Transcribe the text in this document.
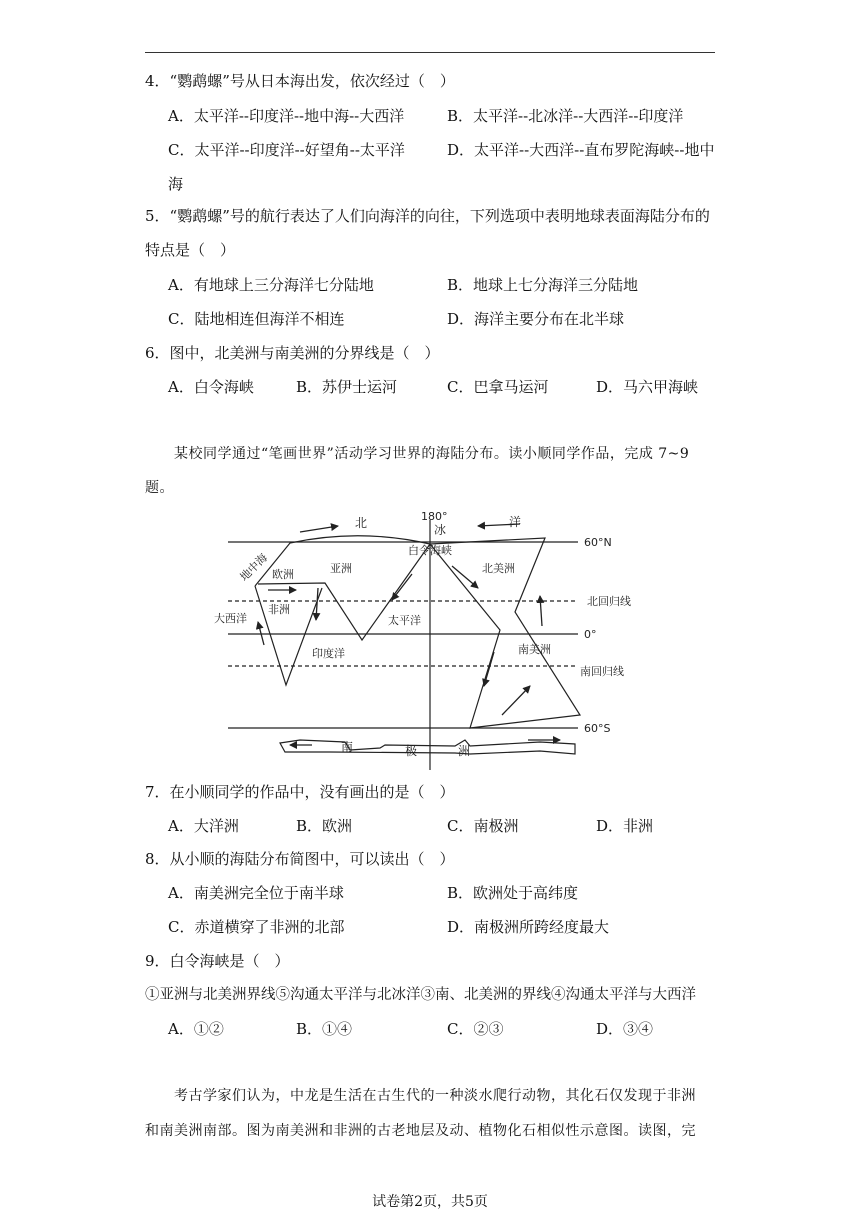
4．“鹦鹉螺”号从日本海出发，依次经过（　）
A．太平洋--印度洋--地中海--大西洋	B．太平洋--北冰洋--大西洋--印度洋
C．太平洋--印度洋--好望角--太平洋	D．太平洋--大西洋--直布罗陀海峡--地中
海
5．“鹦鹉螺”号的航行表达了人们向海洋的向往，下列选项中表明地球表面海陆分布的
特点是（　）
A．有地球上三分海洋七分陆地	B．地球上七分海洋三分陆地
C．陆地相连但海洋不相连	D．海洋主要分布在北半球
6．图中，北美洲与南美洲的分界线是（　）
A．白令海峡	B．苏伊士运河	C．巴拿马运河	D．马六甲海峡
某校同学通过“笔画世界”活动学习世界的海陆分布。读小顺同学作品，完成 7~9
题。
180°
北	冰
洋
60°N
白令海峡
地中海 欧洲	亚洲	北美洲
非洲
大西洋	太平洋
北回归线
0°
印度洋	南美洲
南回归线
60°S
南	极	洲
7．在小顺同学的作品中，没有画出的是（　）
A．大洋洲	B．欧洲	C．南极洲	D．非洲
8．从小顺的海陆分布简图中，可以读出（　）
A．南美洲完全位于南半球	B．欧洲处于高纬度
C．赤道横穿了非洲的北部	D．南极洲所跨经度最大
9．白令海峡是（　）
①亚洲与北美洲界线⑤沟通太平洋与北冰洋③南、北美洲的界线④沟通太平洋与大西洋
A．①②	B．①④	C．②③	D．③④
考古学家们认为，中龙是生活在古生代的一种淡水爬行动物，其化石仅发现于非洲
和南美洲南部。图为南美洲和非洲的古老地层及动、植物化石相似性示意图。读图，完
试卷第2页，共5页
